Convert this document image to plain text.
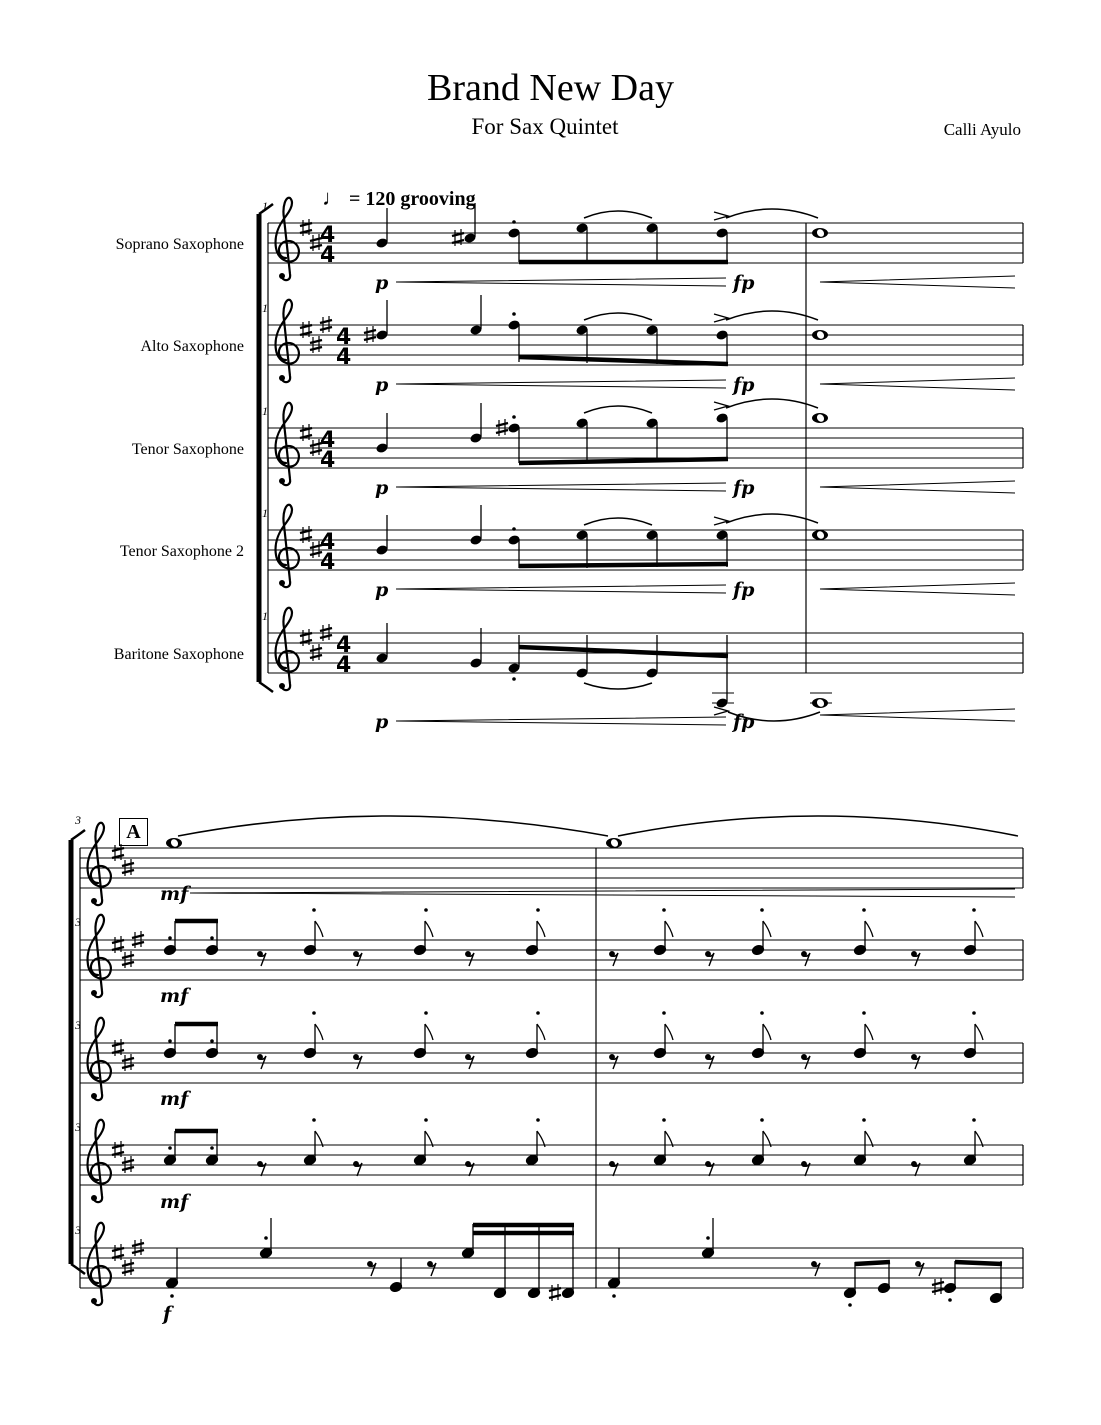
Brand New Day
For Sax Quintet	Calli Ayulo
♩ = 120 grooving
Soprano Saxophone
Alto Saxophone
Tenor Saxophone
Tenor Saxophone 2
Baritone Saxophone
A
4
4
4
4
4
4
4
4
4
4
1
1
1
1
1
p	fp
p	fp
p	fp
p	fp
p	fp
3
3
3
3
3
mf
mf
mf
mf
f
